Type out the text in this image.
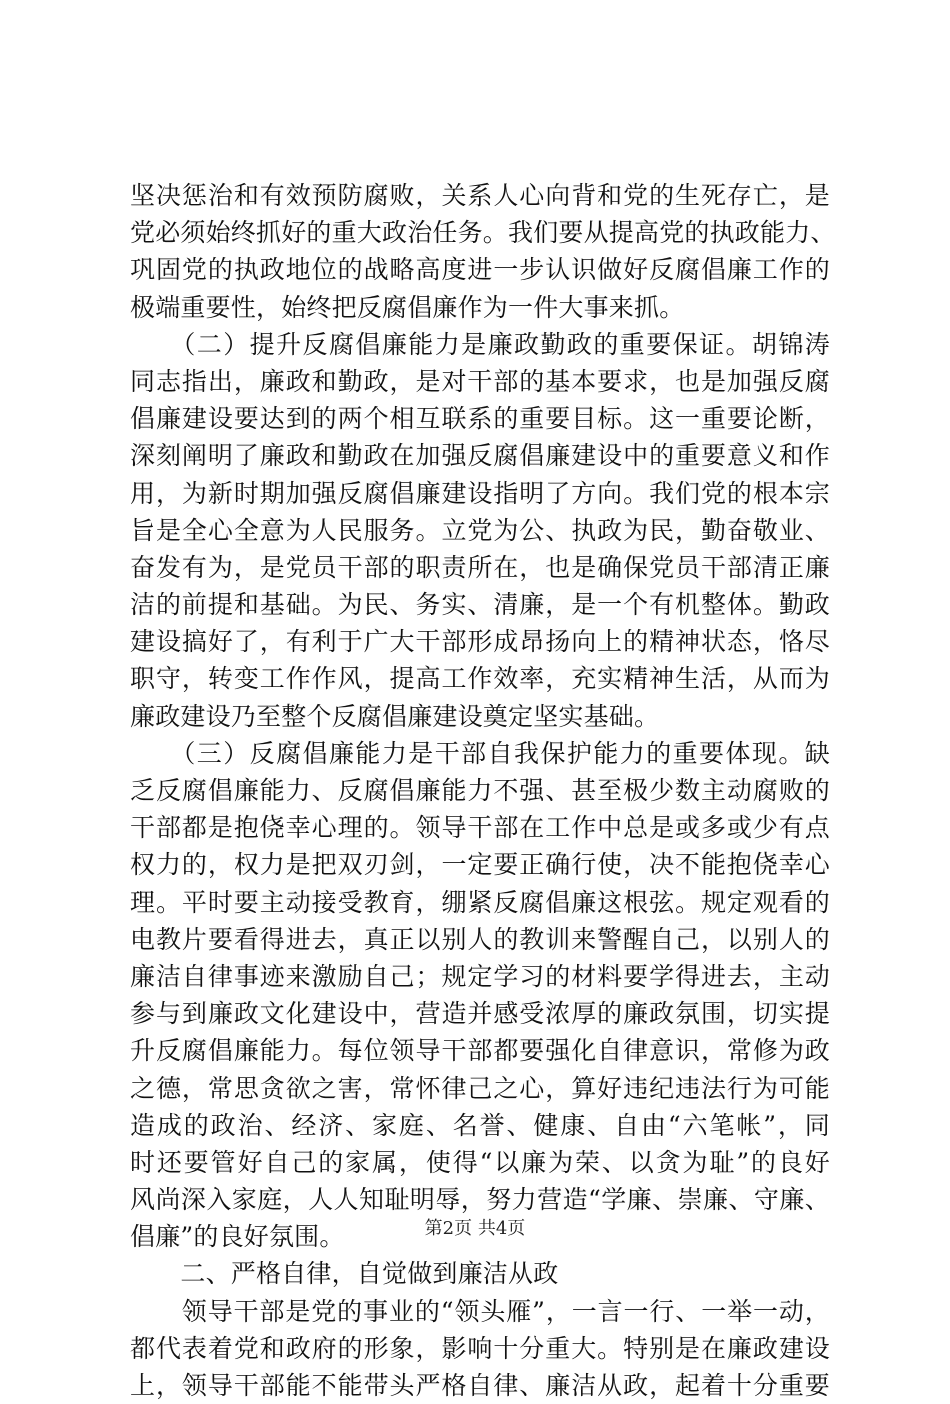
坚决惩治和有效预防腐败，关系人心向背和党的生死存亡，是
党必须始终抓好的重大政治任务。我们要从提高党的执政能力、
巩固党的执政地位的战略高度进一步认识做好反腐倡廉工作的
极端重要性，始终把反腐倡廉作为一件大事来抓。
　　（二）提升反腐倡廉能力是廉政勤政的重要保证。胡锦涛
同志指出，廉政和勤政，是对干部的基本要求，也是加强反腐
倡廉建设要达到的两个相互联系的重要目标。这一重要论断，
深刻阐明了廉政和勤政在加强反腐倡廉建设中的重要意义和作
用，为新时期加强反腐倡廉建设指明了方向。我们党的根本宗
旨是全心全意为人民服务。立党为公、执政为民，勤奋敬业、
奋发有为，是党员干部的职责所在，也是确保党员干部清正廉
洁的前提和基础。为民、务实、清廉，是一个有机整体。勤政
建设搞好了，有利于广大干部形成昂扬向上的精神状态，恪尽
职守，转变工作作风，提高工作效率，充实精神生活，从而为
廉政建设乃至整个反腐倡廉建设奠定坚实基础。
　　（三）反腐倡廉能力是干部自我保护能力的重要体现。缺
乏反腐倡廉能力、反腐倡廉能力不强、甚至极少数主动腐败的
干部都是抱侥幸心理的。领导干部在工作中总是或多或少有点
权力的，权力是把双刃剑，一定要正确行使，决不能抱侥幸心
理。平时要主动接受教育，绷紧反腐倡廉这根弦。规定观看的
电教片要看得进去，真正以别人的教训来警醒自己，以别人的
廉洁自律事迹来激励自己；规定学习的材料要学得进去，主动
参与到廉政文化建设中，营造并感受浓厚的廉政氛围，切实提
升反腐倡廉能力。每位领导干部都要强化自律意识，常修为政
之德，常思贪欲之害，常怀律己之心，算好违纪违法行为可能
造成的政治、经济、家庭、名誉、健康、自由“六笔帐”，同
时还要管好自己的家属，使得“以廉为荣、以贪为耻”的良好
风尚深入家庭，人人知耻明辱，努力营造“学廉、崇廉、守廉、
倡廉”的良好氛围。
　　二、严格自律，自觉做到廉洁从政
　　领导干部是党的事业的“领头雁”，一言一行、一举一动，
都代表着党和政府的形象，影响十分重大。特别是在廉政建设
上，领导干部能不能带头严格自律、廉洁从政，起着十分重要
第2页 共4页
